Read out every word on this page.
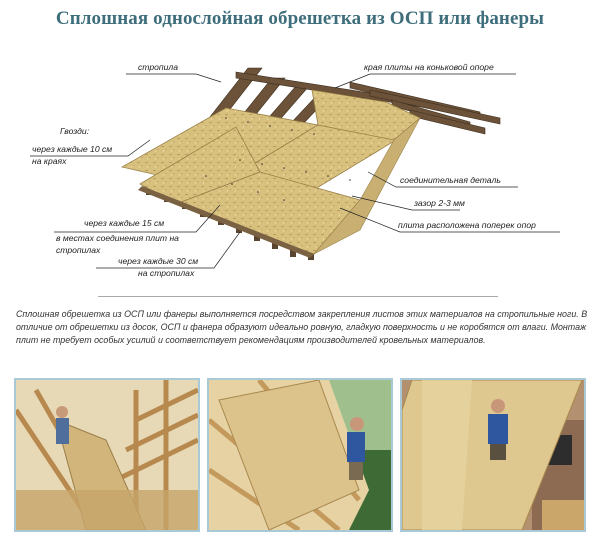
Сплошная однослойная обрешетка из ОСП или фанеры
стропила	края плиты на коньковой опоре
Гвозди:
через каждые 10 см
на краях
соединительная деталь
зазор 2-3 мм
через каждые 15 см	плита расположена поперек опор
в местах соединения плит на
стропилах
через каждые 30 см
на стропилах
Сплошная обрешетка из ОСП или фанеры выполняется посредством закрепления листов этих материалов на стропильные ноги. В отличие от обрешетки из досок, ОСП и фанера образуют идеально ровную, гладкую поверхность и не коробятся от влаги. Монтаж плит не требует особых усилий и соответствует рекомендациям производителей кровельных материалов.
